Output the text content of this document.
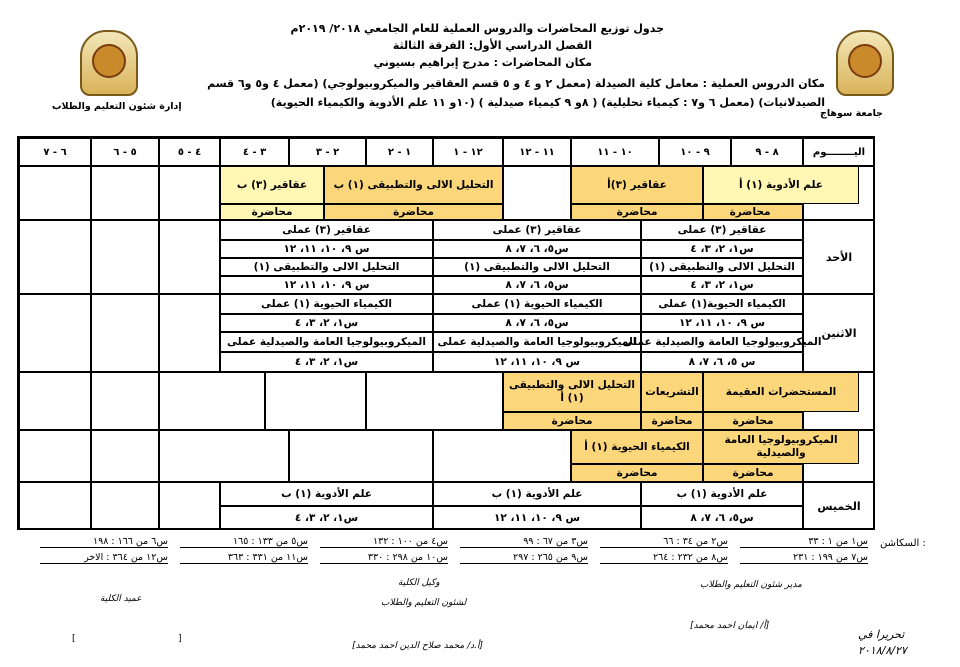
جامعة سوهاج
إدارة شئون التعليم والطلاب
جدول توزيع المحاضرات والدروس العملية للعام الجامعي ٢٠١٨/ ٢٠١٩م
الفصل الدراسي الأول: الفرقة الثالثة
مكان المحاضرات : مدرج إبراهيم بسيوني
مكان الدروس العملية : معامل كلية الصيدلة (معمل ٢ و ٤ و ٥ قسم العقاقير والميكروبيولوجي) (معمل ٤ و٥ و٦ قسم
الصيدلانيات) (معمل ٦ و٧ : كيمياء تحليلية) ( ٨و ٩ كيمياء صيدلية ) (١٠و ١١ علم الأدوية والكيمياء الحيوية)
اليــــــــوم
٨ - ٩
٩ - ١٠
١٠ - ١١
١١ - ١٢
١٢ - ١
١ - ٢
٢ - ٣
٣ - ٤
٤ - ٥
٥ - ٦
٦ - ٧
الأحد
الاثنين
الخميس
علم الأدوية (١) أ
محاضرة
عقاقير (٣)أ
محاضرة
التحليل الالى والتطبيقى (١) ب
محاضرة
عقاقير (٣) ب
محاضرة
عقاقير (٣) عملى
س١، ٢، ٣، ٤
التحليل الالى والتطبيقى (١)
س١، ٢، ٣، ٤
عقاقير (٣) عملى
س٥، ٦، ٧، ٨
التحليل الالى والتطبيقى (١)
س٥، ٦، ٧، ٨
عقاقير (٣) عملى
س ٩، ١٠، ١١، ١٢
التحليل الالى والتطبيقى (١)
س ٩، ١٠، ١١، ١٢
الكيمياء الحيوية(١) عملى
س ٩، ١٠، ١١، ١٢
الميكروبيولوجيا العامة والصيدلية عملى
س ٥، ٦، ٧، ٨
الكيمياء الحيوية (١) عملى
س٥، ٦، ٧، ٨
الميكروبيولوجيا العامة والصيدلية عملى
س ٩، ١٠، ١١، ١٢
الكيمياء الحيوية (١) عملى
س١، ٢، ٣، ٤
الميكروبيولوجيا العامة والصيدلية عملى
س١، ٢، ٣، ٤
المستحضرات العقيمة
محاضرة
التشريعات
محاضرة
التحليل الالى والتطبيقى (١) أ
محاضرة
الميكروبيولوجيا العامة والصيدلية
محاضرة
الكيمياء الحيوية (١) أ
محاضرة
علم الأدوية (١) ب
س٥، ٦، ٧، ٨
علم الأدوية (١) ب
س ٩، ١٠، ١١، ١٢
علم الأدوية (١) ب
س١، ٢، ٣، ٤
السكاشن :
س١ من ١ : ٣٣
س٢ من ٣٤ : ٦٦
س٣ من ٦٧ : ٩٩
س٤ من ١٠٠ : ١٣٢
س٥ من ١٣٣ : ١٦٥
س٦ من ١٦٦ : ١٩٨
س٧ من ١٩٩ : ٢٣١
س٨ من ٢٣٢ : ٢٦٤
س٩ من ٢٦٥ : ٢٩٧
س١٠ من ٢٩٨ : ٣٣٠
س١١ من ٣٣١ : ٣٦٣
س١٢ من ٣٦٤ : الاخر
مدير شئون التعليم والطلاب
[أ/ ايمان احمد محمد]
وكيل الكلية
لشئون التعليم والطلاب
[أ.د/ محمد صلاح الدين احمد محمد]
عميد الكلية
[	]	تحريرا في
٢٠١٨/٨/٢٧
